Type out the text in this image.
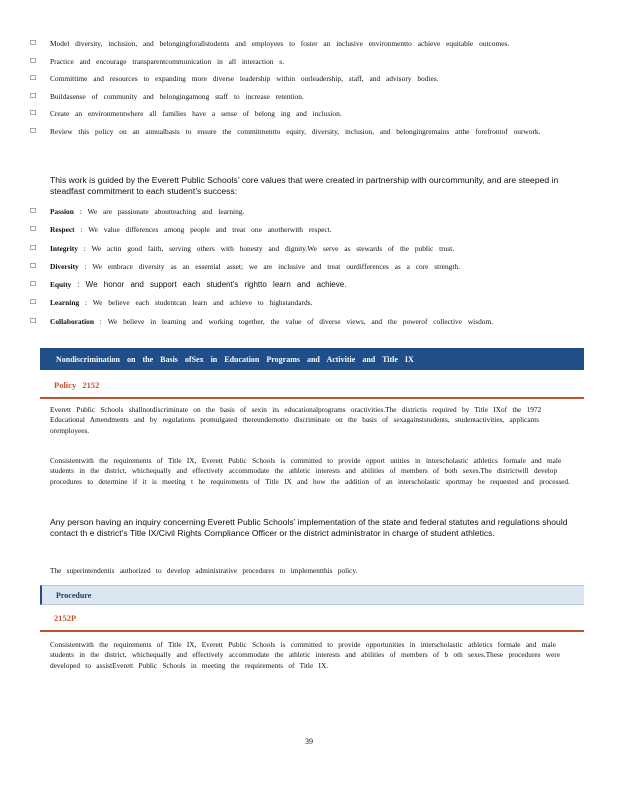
☐	Model diversity, inclusion, and belongingforallstudents and employees to foster an inclusive environmentto achieve equitable outcomes.
☐	Practice and encourage transparentcommunication in all interaction s.
☐	Committime and resources to expanding more diverse leadership within ourleadership, staff, and advisory bodies.
☐	Buildasense of community and belongingamong staff to increase retention.
☐	Create an environmentwhere all families have a sense of belong ing and inclusion.
☐	Review this policy on an annualbasis to ensure the commitmentto equity, diversity, inclusion, and belongingremains atthe forefrontof ourwork.
This work is guided by the Everett Public Schools’ core values that were created in partnership with ourcommunity, and are steeped in steadfast commitment to each student’s success:
☐	Passion : We are passionate aboutteaching and learning.
☐	Respect : We value differences among people and treat one anotherwith respect.
☐	Integrity : We actin good faith, serving others with honesty and dignity.We serve as stewards of the public trust.
☐	Diversity : We embrace diversity as an essential asset; we are inclusive and treat ourdifferences as a core strength.
☐	Equity : We honor and support each student’s rightto learn and achieve.
☐	Learning : We believe each studentcan learn and achieve to highstandards.
☐	Collaboration : We believe in learning and working together, the value of diverse views, and the powerof collective wisdom.
Nondiscrimination on the Basis ofSex in Education Programs and Activitie and Title IX
Policy 2152
Everett Public Schools shallnotdiscriminate on the basis of sexin its educationalprograms oractivities.The districtis required by Title IXof the 1972 Educational Amendments and by regulations promulgated thereundernotto discriminate on the basis of sexagainststudents, studentactivities, applicants oremployees.
Consistentwith the requirements of Title IX, Everett Public Schools is committed to provide opport unities in interscholastic athletics formale and male students in the district, whichequally and effectively accommodate the athletic interests and abilities of members of both sexes.The districtwill develop procedures to determine if it is meeting t he requirements of Title IX and how the addition of an interscholastic sportmay be requested and processed.
Any person having an inquiry concerning Everett Public Schools’ implementation of the state and federal statutes and regulations should contact th e district’s Title IX/Civil Rights Compliance Officer or the district administrator in charge of student athletics.
The superintendentis authorized to develop administrative procedures to implementthis policy.
Procedure
2152P
Consistentwith the requirements of Title IX, Everett Public Schools is committed to provide opportunities in interscholastic athletics formale and male students in the district, whichequally and effectively accommodate the athletic interests and abilities of members of b oth sexes.These procedures were developed to assistEverett Public Schools in meeting the requirements of Title IX.
39
